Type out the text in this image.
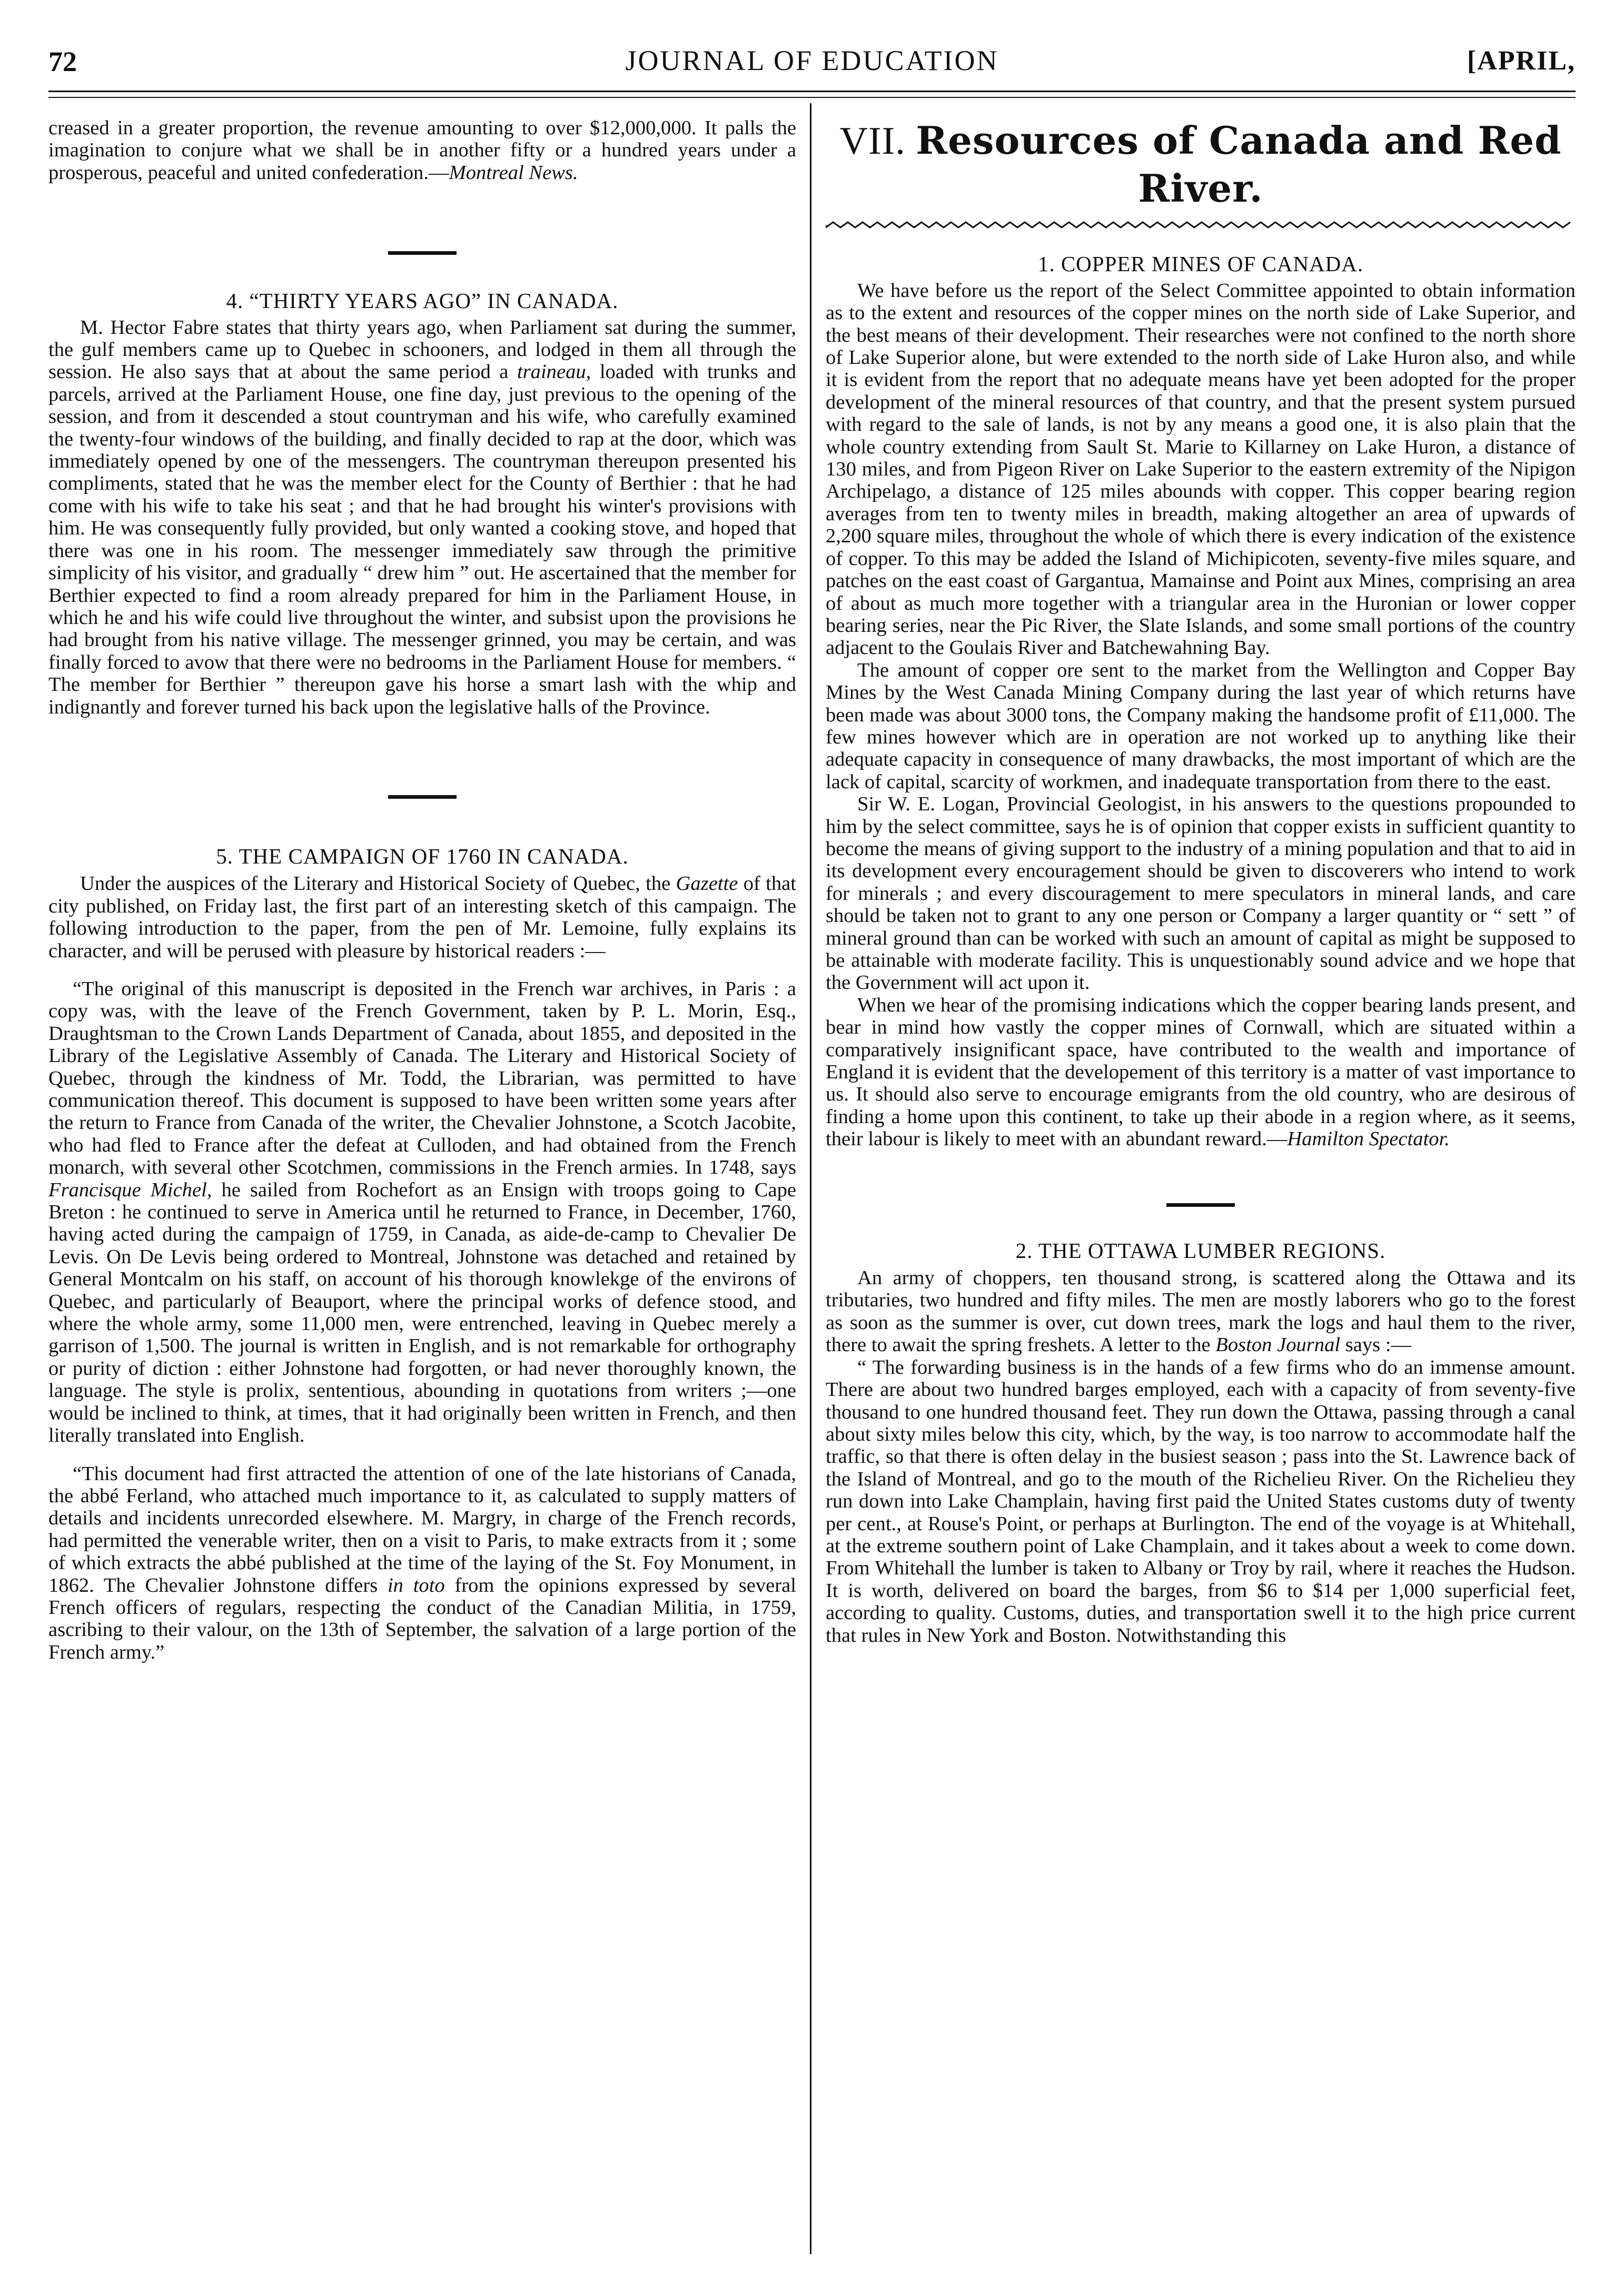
72	JOURNAL OF EDUCATION	[APRIL,

creased in a greater proportion, the revenue amounting to over $12,000,000. It palls the imagination to conjure what we shall be in another fifty or a hundred years under a prosperous, peaceful and united confederation.—Montreal News.

4. “THIRTY YEARS AGO” IN CANADA.

M. Hector Fabre states that thirty years ago, when Parliament sat during the summer, the gulf members came up to Quebec in schooners, and lodged in them all through the session. He also says that at about the same period a traineau, loaded with trunks and parcels, arrived at the Parliament House, one fine day, just previous to the opening of the session, and from it descended a stout countryman and his wife, who carefully examined the twenty-four windows of the building, and finally decided to rap at the door, which was immediately opened by one of the messengers. The countryman thereupon presented his compliments, stated that he was the member elect for the County of Berthier : that he had come with his wife to take his seat ; and that he had brought his winter's provisions with him. He was consequently fully provided, but only wanted a cooking stove, and hoped that there was one in his room. The messenger immediately saw through the primitive simplicity of his visitor, and gradually “ drew him ” out. He ascertained that the member for Berthier expected to find a room already prepared for him in the Parliament House, in which he and his wife could live throughout the winter, and subsist upon the provisions he had brought from his native village. The messenger grinned, you may be certain, and was finally forced to avow that there were no bedrooms in the Parliament House for members. “ The member for Berthier ” thereupon gave his horse a smart lash with the whip and indignantly and forever turned his back upon the legislative halls of the Province.

5. THE CAMPAIGN OF 1760 IN CANADA.

Under the auspices of the Literary and Historical Society of Quebec, the Gazette of that city published, on Friday last, the first part of an interesting sketch of this campaign. The following introduction to the paper, from the pen of Mr. Lemoine, fully explains its character, and will be perused with pleasure by historical readers :—

“The original of this manuscript is deposited in the French war archives, in Paris : a copy was, with the leave of the French Government, taken by P. L. Morin, Esq., Draughtsman to the Crown Lands Department of Canada, about 1855, and deposited in the Library of the Legislative Assembly of Canada. The Literary and Historical Society of Quebec, through the kindness of Mr. Todd, the Librarian, was permitted to have communication thereof. This document is supposed to have been written some years after the return to France from Canada of the writer, the Chevalier Johnstone, a Scotch Jacobite, who had fled to France after the defeat at Culloden, and had obtained from the French monarch, with several other Scotchmen, commissions in the French armies. In 1748, says Francisque Michel, he sailed from Rochefort as an Ensign with troops going to Cape Breton : he continued to serve in America until he returned to France, in December, 1760, having acted during the campaign of 1759, in Canada, as aide-de-camp to Chevalier De Levis. On De Levis being ordered to Montreal, Johnstone was detached and retained by General Montcalm on his staff, on account of his thorough knowlekge of the environs of Quebec, and particularly of Beauport, where the principal works of defence stood, and where the whole army, some 11,000 men, were entrenched, leaving in Quebec merely a garrison of 1,500. The journal is written in English, and is not remarkable for orthography or purity of diction : either Johnstone had forgotten, or had never thoroughly known, the language. The style is prolix, sententious, abounding in quotations from writers ;—one would be inclined to think, at times, that it had originally been written in French, and then literally translated into English.

“This document had first attracted the attention of one of the late historians of Canada, the abbé Ferland, who attached much importance to it, as calculated to supply matters of details and incidents unrecorded elsewhere. M. Margry, in charge of the French records, had permitted the venerable writer, then on a visit to Paris, to make extracts from it ; some of which extracts the abbé published at the time of the laying of the St. Foy Monument, in 1862. The Chevalier Johnstone differs in toto from the opinions expressed by several French officers of regulars, respecting the conduct of the Canadian Militia, in 1759, ascribing to their valour, on the 13th of September, the salvation of a large portion of the French army.”

VII. Resources of Canada and Red River.
1. COPPER MINES OF CANADA.

We have before us the report of the Select Committee appointed to obtain information as to the extent and resources of the copper mines on the north side of Lake Superior, and the best means of their development. Their researches were not confined to the north shore of Lake Superior alone, but were extended to the north side of Lake Huron also, and while it is evident from the report that no adequate means have yet been adopted for the proper development of the mineral resources of that country, and that the present system pursued with regard to the sale of lands, is not by any means a good one, it is also plain that the whole country extending from Sault St. Marie to Killarney on Lake Huron, a distance of 130 miles, and from Pigeon River on Lake Superior to the eastern extremity of the Nipigon Archipelago, a distance of 125 miles abounds with copper. This copper bearing region averages from ten to twenty miles in breadth, making altogether an area of upwards of 2,200 square miles, throughout the whole of which there is every indication of the existence of copper. To this may be added the Island of Michipicoten, seventy-five miles square, and patches on the east coast of Gargantua, Mamainse and Point aux Mines, comprising an area of about as much more together with a triangular area in the Huronian or lower copper bearing series, near the Pic River, the Slate Islands, and some small portions of the country adjacent to the Goulais River and Batchewahning Bay.

The amount of copper ore sent to the market from the Wellington and Copper Bay Mines by the West Canada Mining Company during the last year of which returns have been made was about 3000 tons, the Company making the handsome profit of £11,000. The few mines however which are in operation are not worked up to anything like their adequate capacity in consequence of many drawbacks, the most important of which are the lack of capital, scarcity of workmen, and inadequate transportation from there to the east.

Sir W. E. Logan, Provincial Geologist, in his answers to the questions propounded to him by the select committee, says he is of opinion that copper exists in sufficient quantity to become the means of giving support to the industry of a mining population and that to aid in its development every encouragement should be given to discoverers who intend to work for minerals ; and every discouragement to mere speculators in mineral lands, and care should be taken not to grant to any one person or Company a larger quantity or “ sett ” of mineral ground than can be worked with such an amount of capital as might be supposed to be attainable with moderate facility. This is unquestionably sound advice and we hope that the Government will act upon it.

When we hear of the promising indications which the copper bearing lands present, and bear in mind how vastly the copper mines of Cornwall, which are situated within a comparatively insignificant space, have contributed to the wealth and importance of England it is evident that the developement of this territory is a matter of vast importance to us. It should also serve to encourage emigrants from the old country, who are desirous of finding a home upon this continent, to take up their abode in a region where, as it seems, their labour is likely to meet with an abundant reward.—Hamilton Spectator.

2. THE OTTAWA LUMBER REGIONS.

An army of choppers, ten thousand strong, is scattered along the Ottawa and its tributaries, two hundred and fifty miles. The men are mostly laborers who go to the forest as soon as the summer is over, cut down trees, mark the logs and haul them to the river, there to await the spring freshets. A letter to the Boston Journal says :—

“ The forwarding business is in the hands of a few firms who do an immense amount. There are about two hundred barges employed, each with a capacity of from seventy-five thousand to one hundred thousand feet. They run down the Ottawa, passing through a canal about sixty miles below this city, which, by the way, is too narrow to accommodate half the traffic, so that there is often delay in the busiest season ; pass into the St. Lawrence back of the Island of Montreal, and go to the mouth of the Richelieu River. On the Richelieu they run down into Lake Champlain, having first paid the United States customs duty of twenty per cent., at Rouse's Point, or perhaps at Burlington. The end of the voyage is at Whitehall, at the extreme southern point of Lake Champlain, and it takes about a week to come down. From Whitehall the lumber is taken to Albany or Troy by rail, where it reaches the Hudson. It is worth, delivered on board the barges, from $6 to $14 per 1,000 superficial feet, according to quality. Customs, duties, and transportation swell it to the high price current that rules in New York and Boston. Notwithstanding this
